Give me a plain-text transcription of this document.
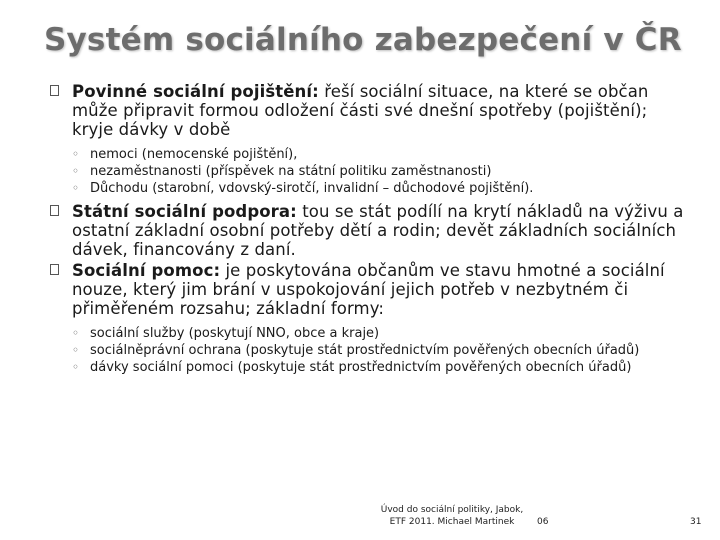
Systém sociálního zabezpečení v ČR
Povinné sociální pojištění: řeší sociální situace, na které se občan může připravit formou odložení části své dnešní spotřeby (pojištění); kryje dávky v době
◦ nemoci (nemocenské pojištění),
◦ nezaměstnanosti (příspěvek na státní politiku zaměstnanosti)
◦ Důchodu (starobní, vdovský-sirotčí, invalidní – důchodové pojištění).
Státní sociální podpora: tou se stát podílí na krytí nákladů na výživu a ostatní základní osobní potřeby dětí a rodin; devět základních sociálních dávek, financovány z daní.
Sociální pomoc: je poskytována občanům ve stavu hmotné a sociální nouze, který jim brání v uspokojování jejich potřeb v nezbytném či přiměřeném rozsahu; základní formy:
◦ sociální služby (poskytují NNO, obce a kraje)
◦ sociálněprávní ochrana (poskytuje stát prostřednictvím pověřených obecních úřadů)
◦ dávky sociální pomoci (poskytuje stát prostřednictvím pověřených obecních úřadů)
Úvod do sociální politiky, Jabok,
ETF 2011. Michael Martinek	06	31
